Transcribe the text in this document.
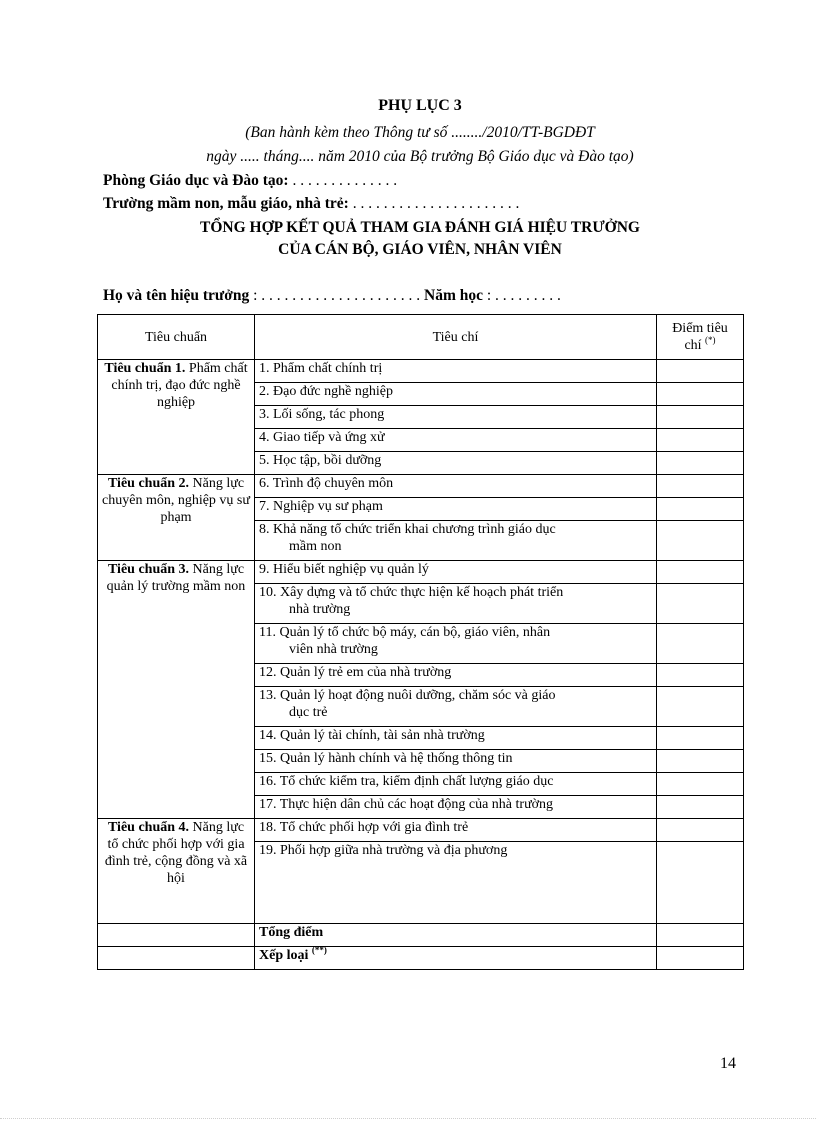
PHỤ LỤC 3
(Ban hành kèm theo Thông tư số ......../2010/TT-BGDĐT
ngày ..... tháng.... năm 2010 của Bộ trưởng Bộ Giáo dục và Đào tạo)
Phòng Giáo dục và Đào tạo: . . . . . . . . . . . . . .
Trường mầm non, mẫu giáo, nhà trẻ: . . . . . . . . . . . . . . . . . . . . . .
TỔNG HỢP KẾT QUẢ THAM GIA ĐÁNH GIÁ HIỆU TRƯỞNG
CỦA CÁN BỘ, GIÁO VIÊN, NHÂN VIÊN
Họ và tên hiệu trưởng : . . . . . . . . . . . . . . . . . . . . . Năm học : . . . . . . . . .
Tiêu chuẩn	Tiêu chí	Điểm tiêu
chí (*)
Tiêu chuẩn 1. Phẩm chất chính trị, đạo đức nghề nghiệp	1. Phẩm chất chính trị	
	2. Đạo đức nghề nghiệp	
	3. Lối sống, tác phong	
	4. Giao tiếp và ứng xử	
	5. Học tập, bồi dưỡng	
Tiêu chuẩn 2. Năng lực chuyên môn, nghiệp vụ sư phạm	6. Trình độ chuyên môn	
	7. Nghiệp vụ sư phạm	
	8. Khả năng tổ chức triển khai chương trình giáo dục
mầm non	

Tiêu chuẩn 3. Năng lực quản lý trường mầm non	9. Hiểu biết nghiệp vụ quản lý	
	10. Xây dựng và tổ chức thực hiện kế hoạch phát triển
nhà trường	

	11. Quản lý tổ chức bộ máy, cán bộ, giáo viên, nhân
viên nhà trường	

	12. Quản lý trẻ em của nhà trường	
	13. Quản lý hoạt động nuôi dưỡng, chăm sóc và giáo
dục trẻ	

	14. Quản lý tài chính, tài sản nhà trường	
	15. Quản lý hành chính và hệ thống thông tin	
	16. Tổ chức kiểm tra, kiểm định chất lượng giáo dục	
	17. Thực hiện dân chủ các hoạt động của nhà trường	
Tiêu chuẩn 4. Năng lực tổ chức phối hợp với gia đình trẻ, cộng đồng và xã hội	18. Tổ chức phối hợp với gia đình trẻ	
	19. Phối hợp giữa nhà trường và địa phương	
	Tổng điểm	
	Xếp loại (**)	
14
